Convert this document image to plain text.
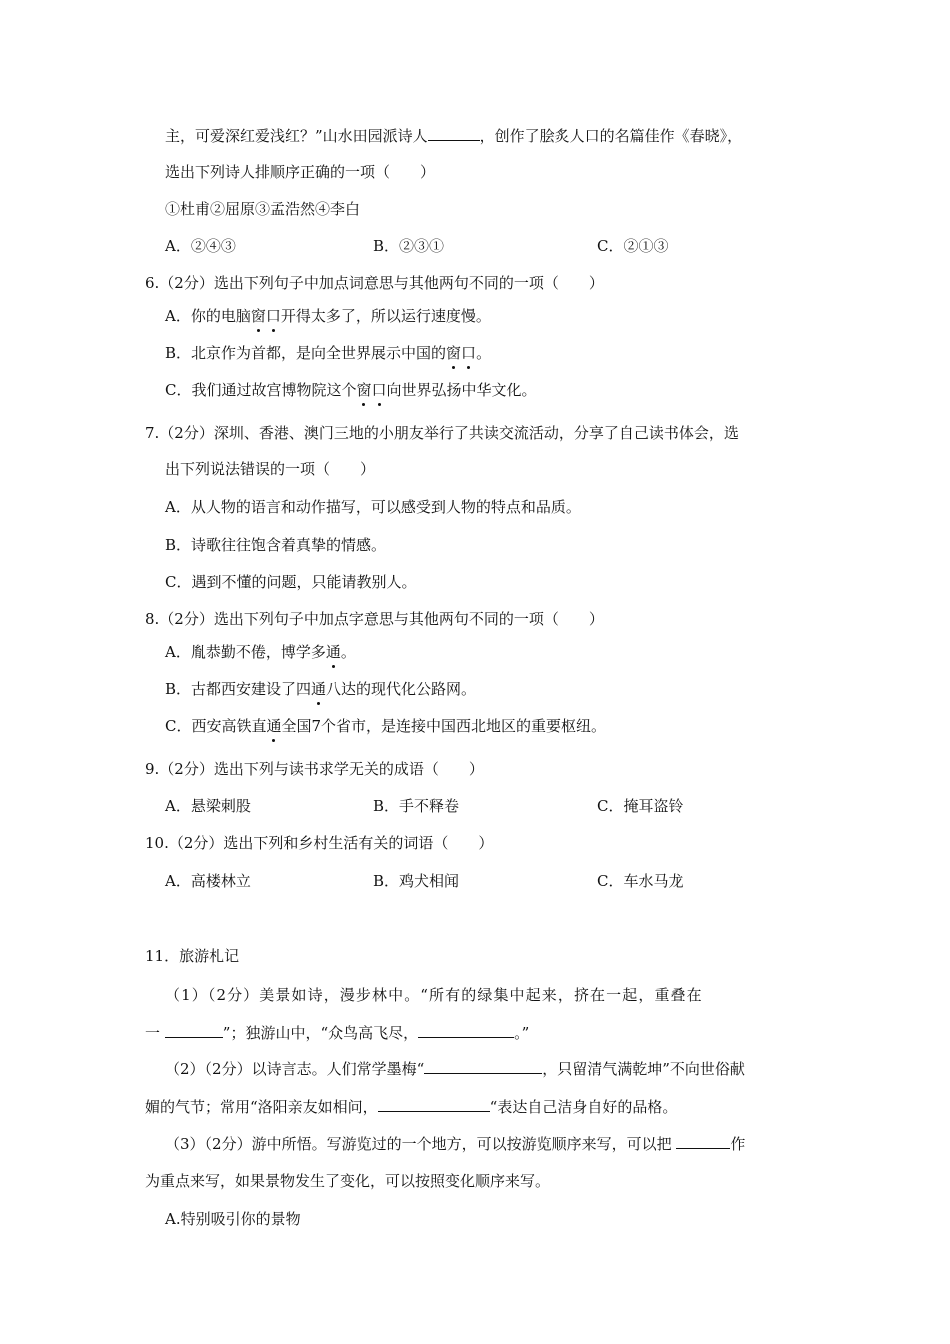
主，可爱深红爱浅红？”山水田园派诗人	，创作了脍炙人口的名篇佳作《春晓》，
选出下列诗人排顺序正确的一项（　　）
①杜甫②屈原③孟浩然④李白
A．②④③	B．②③①	C．②①③
6.（2分）选出下列句子中加点词意思与其他两句不同的一项（　　）
A．你的电脑窗口开得太多了，所以运行速度慢。
B．北京作为首都，是向全世界展示中国的窗口。
C．我们通过故宫博物院这个窗口向世界弘扬中华文化。
7.（2分）深圳、香港、澳门三地的小朋友举行了共读交流活动，分享了自己读书体会，选
出下列说法错误的一项（　　）
A．从人物的语言和动作描写，可以感受到人物的特点和品质。
B．诗歌往往饱含着真挚的情感。
C．遇到不懂的问题，只能请教别人。
8.（2分）选出下列句子中加点字意思与其他两句不同的一项（　　）
A．胤恭勤不倦，博学多通。
B．古都西安建设了四通八达的现代化公路网。
C．西安高铁直通全国7个省市，是连接中国西北地区的重要枢纽。
9.（2分）选出下列与读书求学无关的成语（　　）
A．悬梁刺股	B．手不释卷	C．掩耳盗铃
10.（2分）选出下列和乡村生活有关的词语（　　）
A．高楼林立	B．鸡犬相闻	C．车水马龙
11．旅游札记
（1）（2分）美景如诗，漫步林中。“所有的绿集中起来，挤在一起，重叠在
一	”；独游山中，“众鸟高飞尽，	。”
（2）（2分）以诗言志。人们常学墨梅“	，只留清气满乾坤”不向世俗献
媚的气节；常用“洛阳亲友如相问，	“表达自己洁身自好的品格。
（3）（2分）游中所悟。写游览过的一个地方，可以按游览顺序来写，可以把	作
为重点来写，如果景物发生了变化，可以按照变化顺序来写。
A.特别吸引你的景物
